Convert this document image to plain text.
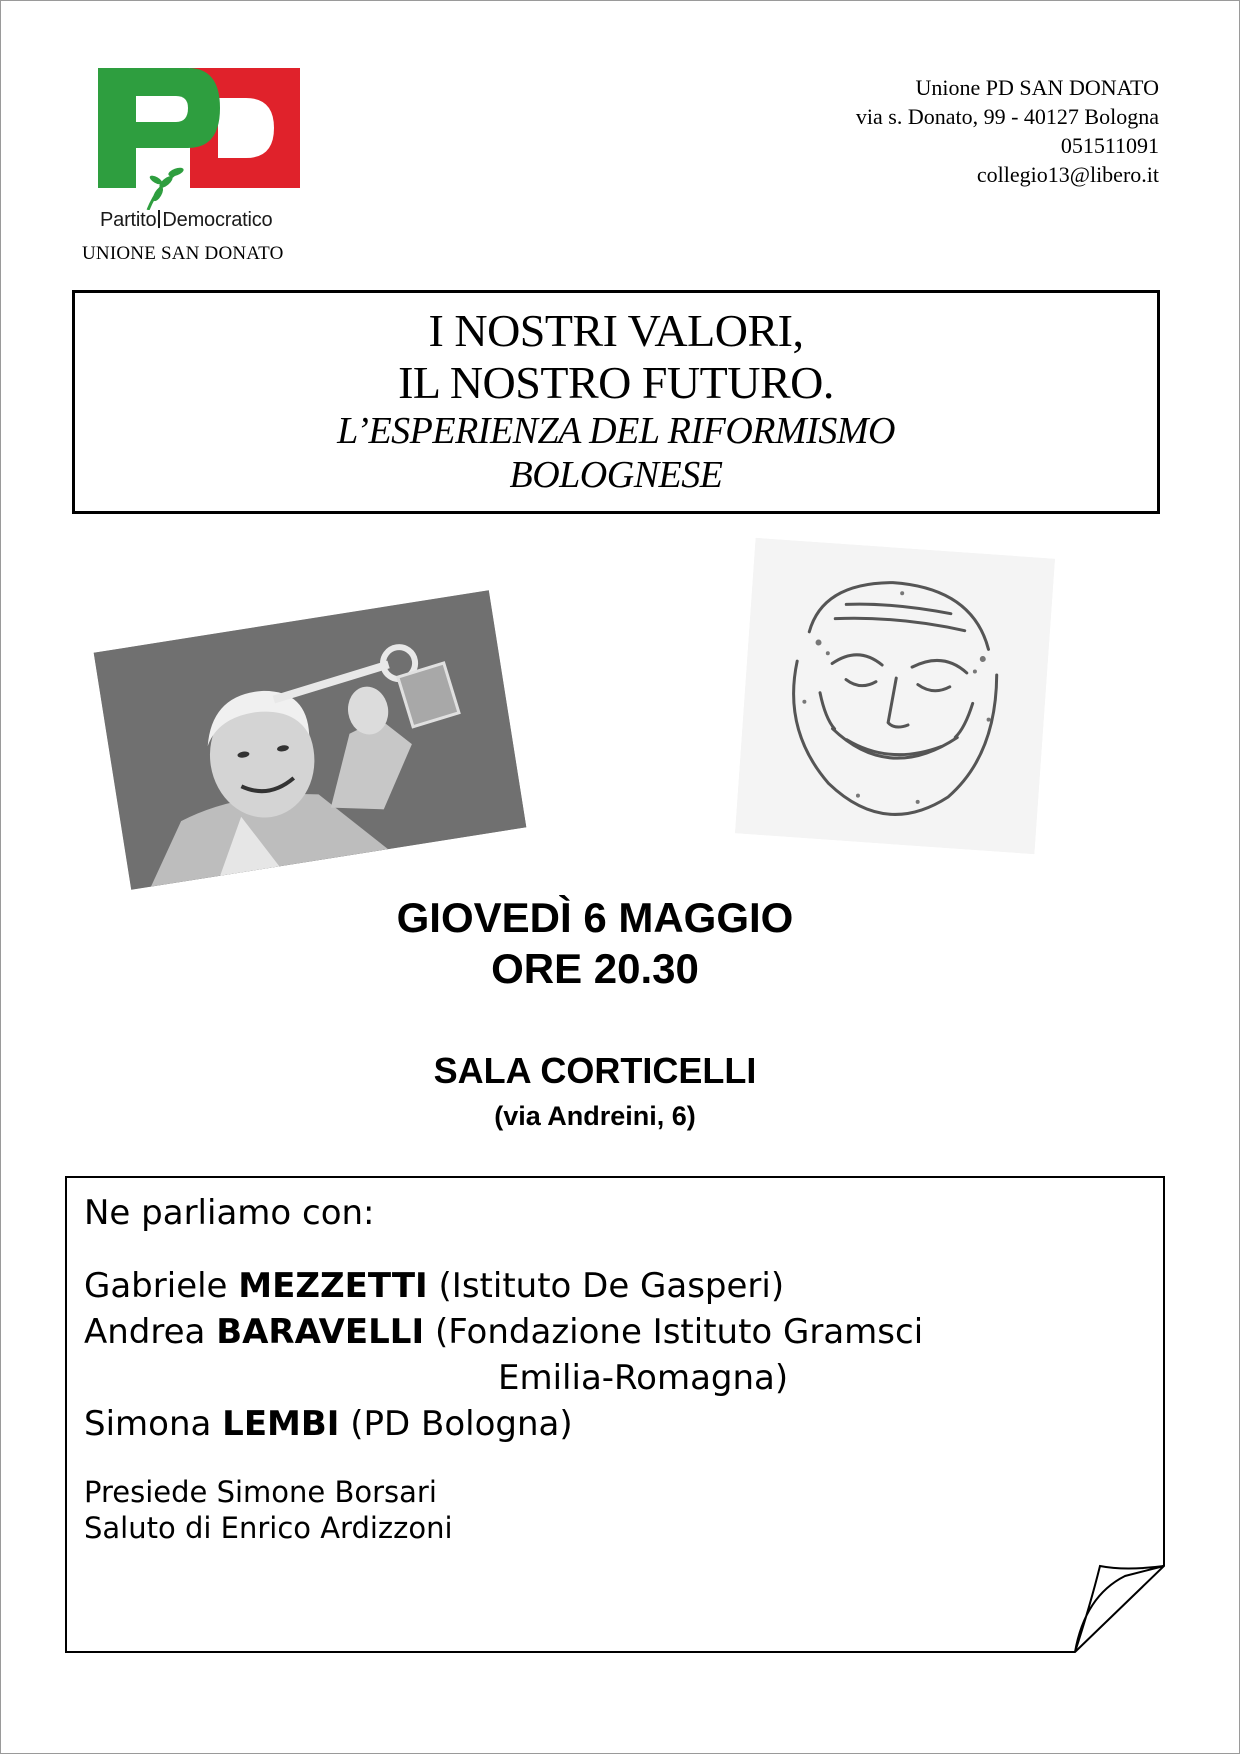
Partito Democratico
UNIONE SAN DONATO
Unione PD SAN DONATO
via s. Donato, 99 - 40127 Bologna
051511091
collegio13@libero.it
I NOSTRI VALORI,
IL NOSTRO FUTURO.
L’ESPERIENZA DEL RIFORMISMO
BOLOGNESE
GIOVEDÌ 6 MAGGIO
ORE 20.30
SALA CORTICELLI
(via Andreini, 6)
Ne parliamo con:
Gabriele MEZZETTI (Istituto De Gasperi)
Andrea BARAVELLI (Fondazione Istituto Gramsci
Emilia-Romagna)
Simona LEMBI (PD Bologna)
Presiede Simone Borsari
Saluto di Enrico Ardizzoni
